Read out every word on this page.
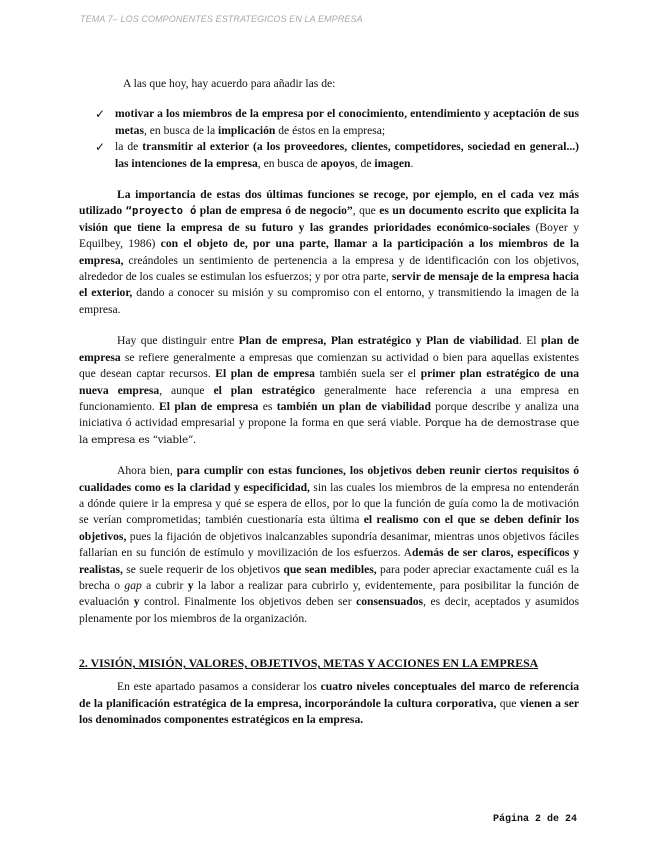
TEMA 7– LOS COMPONENTES ESTRATEGICOS EN LA EMPRESA

A las que hoy, hay acuerdo para añadir las de:

✓ motivar a los miembros de la empresa por el conocimiento, entendimiento y aceptación de sus metas, en busca de la implicación de éstos en la empresa;
✓ la de transmitir al exterior (a los proveedores, clientes, competidores, sociedad en general...) las intenciones de la empresa, en busca de apoyos, de imagen.

La importancia de estas dos últimas funciones se recoge, por ejemplo, en el cada vez más utilizado “proyecto ó plan de empresa ó de negocio”, que es un documento escrito que explicita la visión que tiene la empresa de su futuro y las grandes prioridades económico-sociales (Boyer y Equilbey, 1986) con el objeto de, por una parte, llamar a la participación a los miembros de la empresa, creándoles un sentimiento de pertenencia a la empresa y de identificación con los objetivos, alrededor de los cuales se estimulan los esfuerzos; y por otra parte, servir de mensaje de la empresa hacia el exterior, dando a conocer su misión y su compromiso con el entorno, y transmitiendo la imagen de la empresa.

Hay que distinguir entre Plan de empresa, Plan estratégico y Plan de viabilidad. El plan de empresa se refiere generalmente a empresas que comienzan su actividad o bien para aquellas existentes que desean captar recursos. El plan de empresa también suela ser el primer plan estratégico de una nueva empresa, aunque el plan estratégico generalmente hace referencia a una empresa en funcionamiento. El plan de empresa es también un plan de viabilidad porque describe y analiza una iniciativa ó actividad empresarial y propone la forma en que será viable. Porque ha de demostrase que la empresa es “viable”.

Ahora bien, para cumplir con estas funciones, los objetivos deben reunir ciertos requisitos ó cualidades como es la claridad y especificidad, sin las cuales los miembros de la empresa no entenderán a dónde quiere ir la empresa y qué se espera de ellos, por lo que la función de guía como la de motivación se verían comprometidas; también cuestionaría esta última el realismo con el que se deben definir los objetivos, pues la fijación de objetivos inalcanzables supondría desanimar, mientras unos objetivos fáciles fallarían en su función de estímulo y movilización de los esfuerzos. Además de ser claros, específicos y realistas, se suele requerir de los objetivos que sean medibles, para poder apreciar exactamente cuál es la brecha o gap a cubrir y la labor a realizar para cubrirlo y, evidentemente, para posibilitar la función de evaluación y control. Finalmente los objetivos deben ser consensuados, es decir, aceptados y asumidos plenamente por los miembros de la organización.

2. VISIÓN, MISIÓN, VALORES, OBJETIVOS, METAS Y ACCIONES EN LA EMPRESA

En este apartado pasamos a considerar los cuatro niveles conceptuales del marco de referencia de la planificación estratégica de la empresa, incorporándole la cultura corporativa, que vienen a ser los denominados componentes estratégicos en la empresa.

Página 2 de 24
